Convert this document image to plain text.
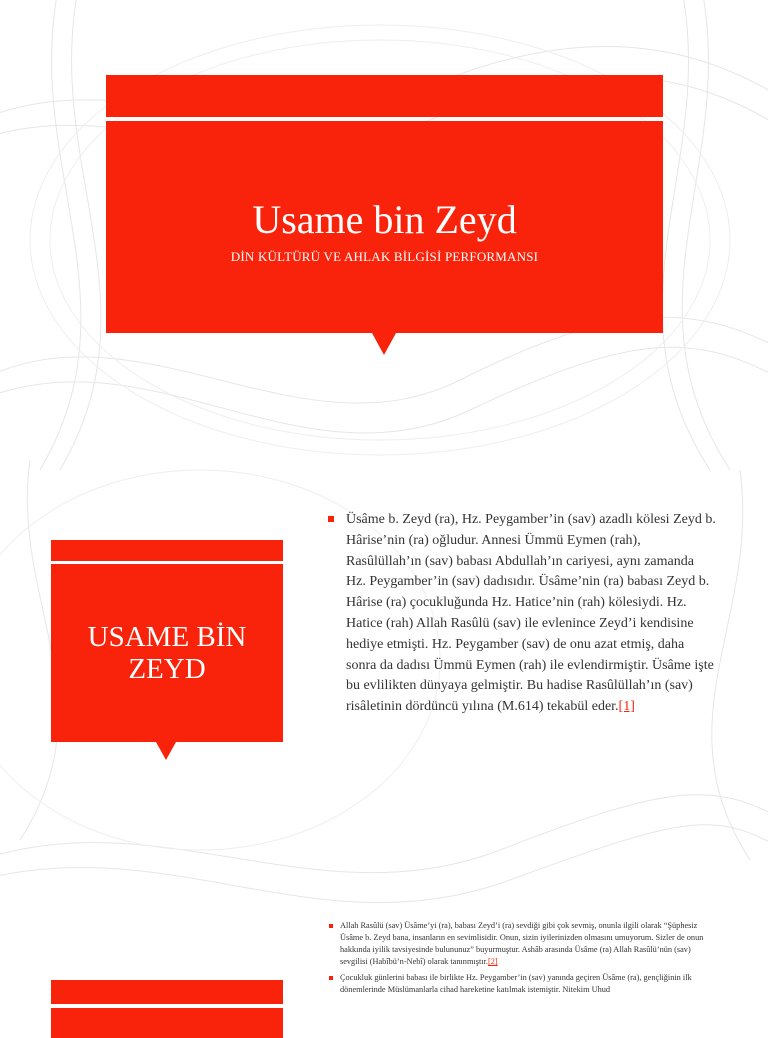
Usame bin Zeyd
DİN KÜLTÜRÜ VE AHLAK BİLGİSİ PERFORMANSI
USAME BİN ZEYD
Üsâme b. Zeyd (ra), Hz. Peygamber’in (sav) azadlı kölesi Zeyd b. Hârise’nin (ra) oğludur. Annesi Ümmü Eymen (rah), Rasûlüllah’ın (sav) babası Abdullah’ın cariyesi, aynı zamanda Hz. Peygamber’in (sav) dadısıdır. Üsâme’nin (ra) babası Zeyd b. Hârise (ra) çocukluğunda Hz. Hatice’nin (rah) kölesiydi. Hz. Hatice (rah) Allah Rasûlü (sav) ile evlenince Zeyd’i kendisine hediye etmişti. Hz. Peygamber (sav) de onu azat etmiş, daha sonra da dadısı Ümmü Eymen (rah) ile evlendirmiştir. Üsâme işte bu evlilikten dünyaya gelmiştir. Bu hadise Rasûlüllah’ın (sav) risâletinin dördüncü yılına (M.614) tekabül eder.[1]
Allah Rasûlü (sav) Üsâme’yi (ra), babası Zeyd’i (ra) sevdiği gibi çok sevmiş, onunla ilgili olarak “Şüphesiz Üsâme b. Zeyd bana, insanların en sevimlisidir. Onun, sizin iyilerinizden olmasını umuyorum. Sizler de onun hakkında iyilik tavsiyesinde bulununuz” buyurmuştur. Ashâb arasında Üsâme (ra) Allah Rasûlü’nün (sav) sevgilisi (Habîbü’n-Nebî) olarak tanınmıştır.[2]
Çocukluk günlerini babası ile birlikte Hz. Peygamber’in (sav) yanında geçiren Üsâme (ra), gençliğinin ilk dönemlerinde Müslümanlarla cihad hareketine katılmak istemiştir. Nitekim Uhud
